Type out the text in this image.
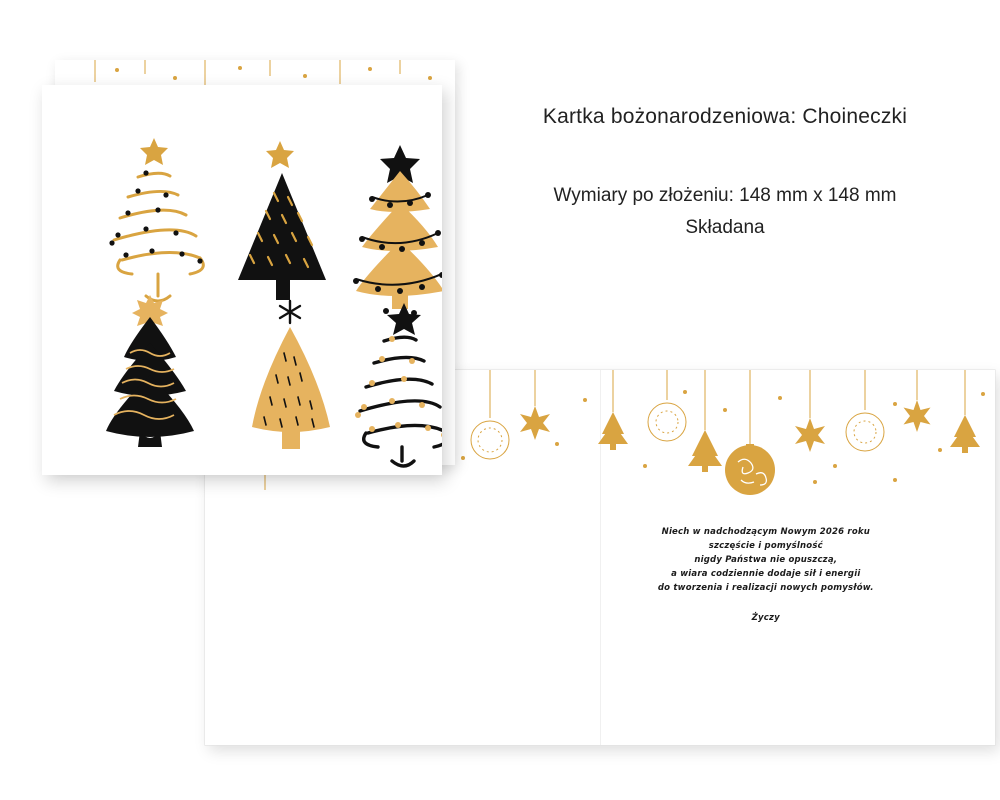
Niech w nadchodzącym Nowym 2026 roku
szczęście i pomyślność
nigdy Państwa nie opuszczą,
a wiara codziennie dodaje sił i energii
do tworzenia i realizacji nowych pomysłów.
Życzy
Kartka bożonarodzeniowa: Choineczki
Wymiary po złożeniu: 148 mm x 148 mm
Składana
